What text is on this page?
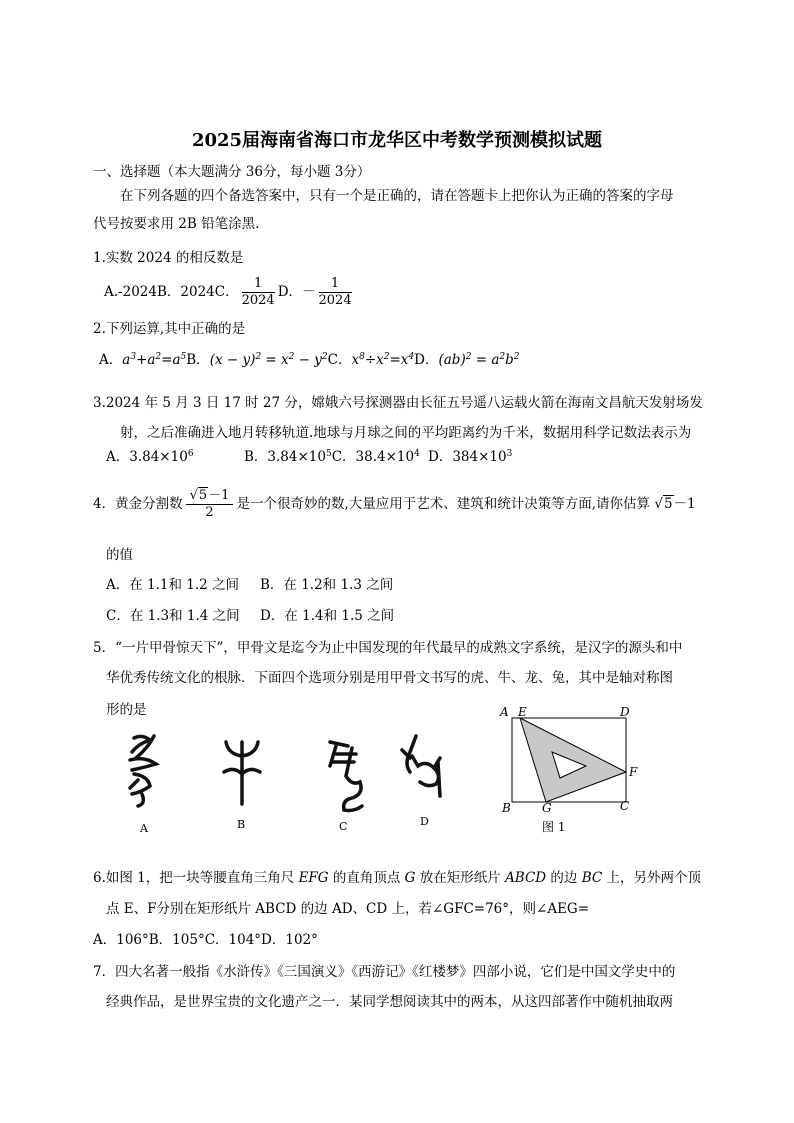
2025届海南省海口市龙华区中考数学预测模拟试题
一、选择题（本大题满分 36分，每小题 3分）
在下列各题的四个备选答案中，只有一个是正确的，请在答题卡上把你认为正确的答案的字母
代号按要求用 2B 铅笔涂黑.
1.实数 2024 的相反数是
A.-2024B．2024C． $\frac{1}{2024}$ D．－ $\frac{1}{2024}$
2.下列运算,其中正确的是
A．$a^3+a^2=a^5B$．$(x - y)^2 = x^2 - y^2C$．$x^8\div x^2=x^4D$．$(ab)^2 = a^2b^2$
3.2024 年 5 月 3 日 17 时 27 分，嫦娥六号探测器由长征五号遥八运载火箭在海南文昌航天发射场发
射，之后准确进入地月转移轨道.地球与月球之间的平均距离约为千米，数据用科学记数法表示为
A．$3.84\times 10^6$	B．$3.84\times 10^5C$．$38.4\times 10^4$ D．$384\times 10^3$
4．黄金分割数 $\frac{√5-1}{2}$ 是一个很奇妙的数,大量应用于艺术、建筑和统计决策等方面,请你估算 √5－1
的值
A．在 1.1和 1.2 之间 B．在 1.2和 1.3 之间
C．在 1.3和 1.4 之间 D．在 1.4和 1.5 之间
5．“一片甲骨惊天下”，甲骨文是迄今为止中国发现的年代最早的成熟文字系统，是汉字的源头和中
华优秀传统文化的根脉．下面四个选项分别是用甲骨文书写的虎、牛、龙、兔，其中是轴对称图
形的是
A	B	C	D
A E	D
F
B	G	C
图 1
6.如图 1，把一块等腰直角三角尺 EFG 的直角顶点 G 放在矩形纸片 ABCD 的边 BC 上，另外两个顶
点 E、F分别在矩形纸片 ABCD 的边 AD、CD 上，若∠GFC=76°，则∠AEG=
A．106°B．105°C．104°D．102°
7．四大名著一般指《水浒传》《三国演义》《西游记》《红楼梦》四部小说，它们是中国文学史中的
经典作品，是世界宝贵的文化遗产之一．某同学想阅读其中的两本，从这四部著作中随机抽取两
